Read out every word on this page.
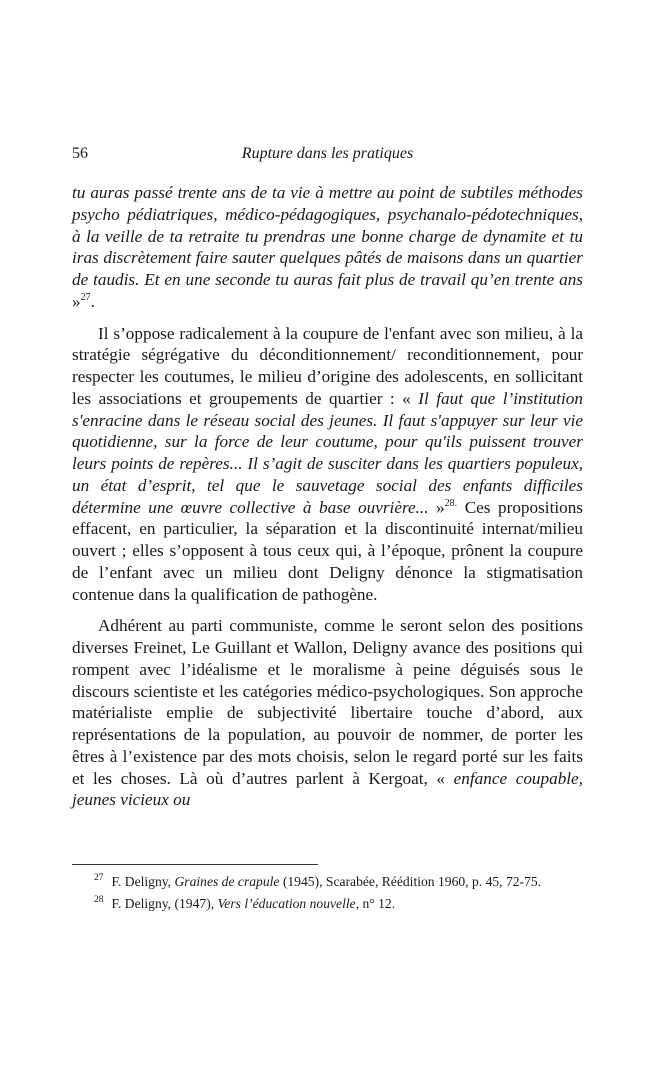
56	Rupture dans les pratiques

tu auras passé trente ans de ta vie à mettre au point de subtiles méthodes psycho pédiatriques, médico-pédagogiques, psychanalo-pédotechniques, à la veille de ta retraite tu prendras une bonne charge de dynamite et tu iras discrètement faire sauter quelques pâtés de maisons dans un quartier de taudis. Et en une seconde tu auras fait plus de travail qu’en trente ans »$^{27}$.

Il s’oppose radicalement à la coupure de l'enfant avec son milieu, à la stratégie ségrégative du déconditionnement/ reconditionnement, pour respecter les coutumes, le milieu d’origine des adolescents, en sollicitant les associations et groupements de quartier : « Il faut que l’institution s'enracine dans le réseau social des jeunes. Il faut s'appuyer sur leur vie quotidienne, sur la force de leur coutume, pour qu'ils puissent trouver leurs points de repères... Il s’agit de susciter dans les quartiers populeux, un état d’esprit, tel que le sauvetage social des enfants difficiles détermine une œuvre collective à base ouvrière... »$^{28.}$ Ces propositions effacent, en particulier, la séparation et la discontinuité internat/milieu ouvert ; elles s’opposent à tous ceux qui, à l’époque, prônent la coupure de l’enfant avec un milieu dont Deligny dénonce la stigmatisation contenue dans la qualification de pathogène.

Adhérent au parti communiste, comme le seront selon des positions diverses Freinet, Le Guillant et Wallon, Deligny avance des positions qui rompent avec l’idéalisme et le moralisme à peine déguisés sous le discours scientiste et les catégories médico-psychologiques. Son approche matérialiste emplie de subjectivité libertaire touche d’abord, aux représentations de la population, au pouvoir de nommer, de porter les êtres à l’existence par des mots choisis, selon le regard porté sur les faits et les choses. Là où d’autres parlent à Kergoat, « enfance coupable, jeunes vicieux ou

$^{27}$ F. Deligny, Graines de crapule (1945), Scarabée, Réédition 1960, p. 45, 72-75.

$^{28}$ F. Deligny, (1947), Vers l’éducation nouvelle, n° 12.
